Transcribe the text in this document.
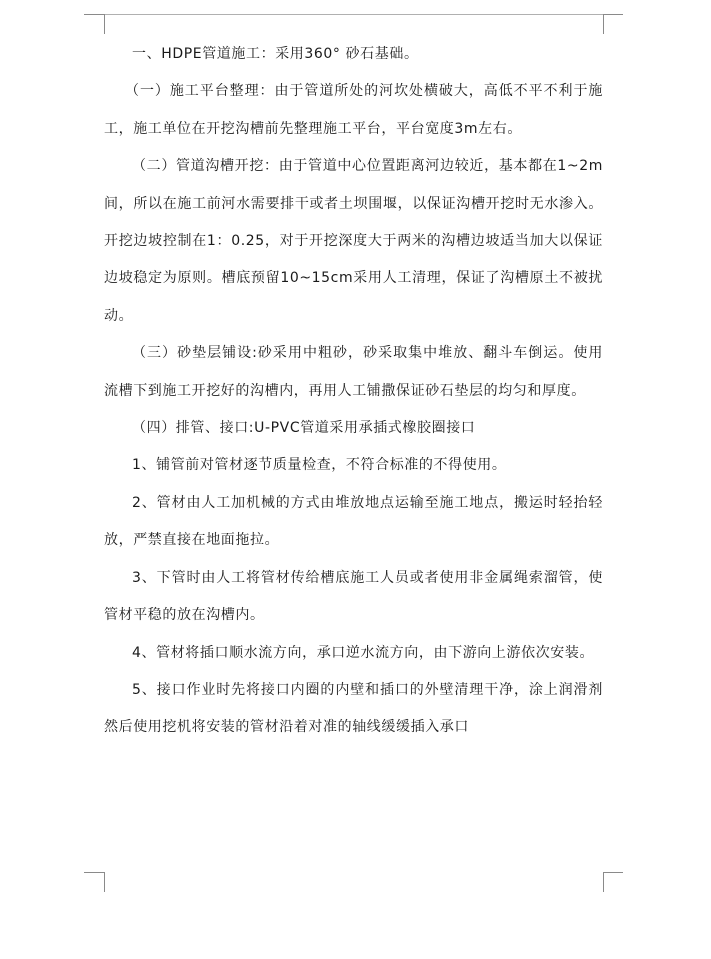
一、HDPE管道施工：采用360° 砂石基础。

（一）施工平台整理：由于管道所处的河坎处横破大，高低不平不利于施工，施工单位在开挖沟槽前先整理施工平台，平台宽度3m左右。

（二）管道沟槽开挖：由于管道中心位置距离河边较近，基本都在1~2m间，所以在施工前河水需要排干或者土坝围堰，以保证沟槽开挖时无水渗入。开挖边坡控制在1：0.25，对于开挖深度大于两米的沟槽边坡适当加大以保证边坡稳定为原则。槽底预留10~15cm采用人工清理，保证了沟槽原土不被扰动。

（三）砂垫层铺设:砂采用中粗砂，砂采取集中堆放、翻斗车倒运。使用流槽下到施工开挖好的沟槽内，再用人工铺撒保证砂石垫层的均匀和厚度。

（四）排管、接口:U-PVC管道采用承插式橡胶圈接口

1、铺管前对管材逐节质量检查，不符合标准的不得使用。

2、管材由人工加机械的方式由堆放地点运输至施工地点，搬运时轻抬轻放，严禁直接在地面拖拉。

3、下管时由人工将管材传给槽底施工人员或者使用非金属绳索溜管，使管材平稳的放在沟槽内。

4、管材将插口顺水流方向，承口逆水流方向，由下游向上游依次安装。

5、接口作业时先将接口内圈的内壁和插口的外壁清理干净，涂上润滑剂然后使用挖机将安装的管材沿着对准的轴线缓缓插入承口
